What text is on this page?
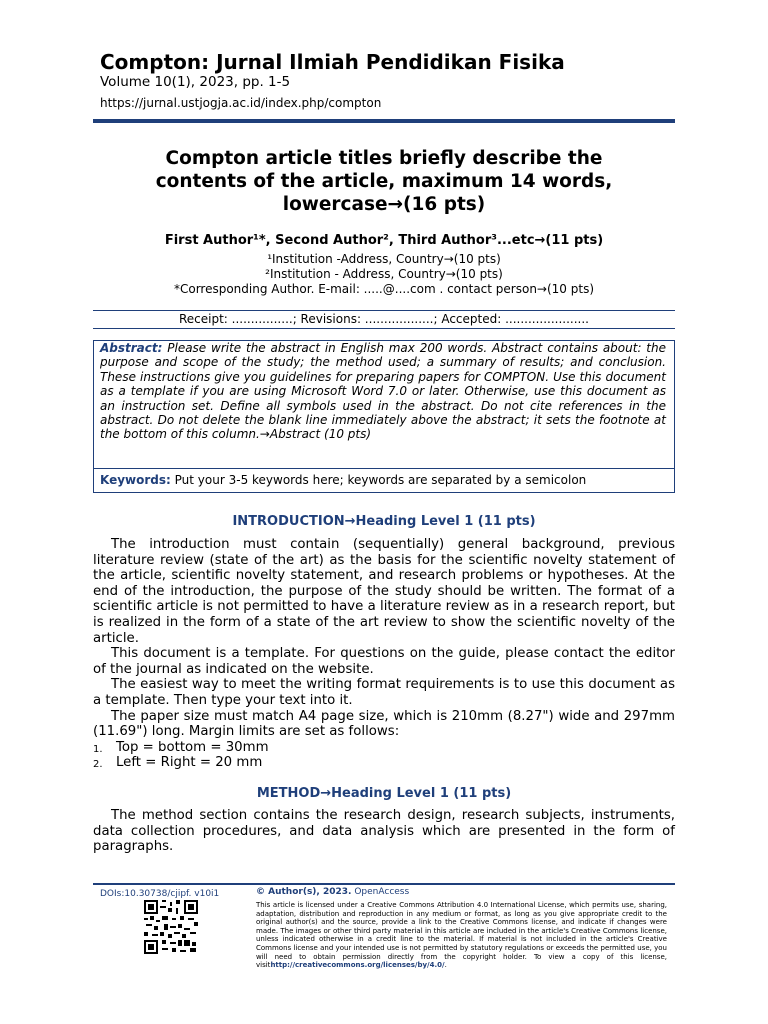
Compton: Jurnal Ilmiah Pendidikan Fisika
Volume 10(1), 2023, pp. 1-5
https://jurnal.ustjogja.ac.id/index.php/compton
Compton article titles briefly describe the
contents of the article, maximum 14 words,
lowercase→(16 pts)
First Author¹*, Second Author², Third Author³...etc→(11 pts)
¹Institution -Address, Country→(10 pts)
²Institution - Address, Country→(10 pts)
*Corresponding Author. E-mail: .....@....com . contact person→(10 pts)
Receipt: ................; Revisions: ..................; Accepted: ......................
Abstract: Please write the abstract in English max 200 words. Abstract contains about: the purpose and scope of the study; the method used; a summary of results; and conclusion. These instructions give you guidelines for preparing papers for COMPTON. Use this document as a template if you are using Microsoft Word 7.0 or later. Otherwise, use this document as an instruction set. Define all symbols used in the abstract. Do not cite references in the abstract. Do not delete the blank line immediately above the abstract; it sets the footnote at the bottom of this column.→Abstract (10 pts)
Keywords: Put your 3-5 keywords here; keywords are separated by a semicolon
INTRODUCTION→Heading Level 1 (11 pts)

The introduction must contain (sequentially) general background, previous literature review (state of the art) as the basis for the scientific novelty statement of the article, scientific novelty statement, and research problems or hypotheses. At the end of the introduction, the purpose of the study should be written. The format of a scientific article is not permitted to have a literature review as in a research report, but is realized in the form of a state of the art review to show the scientific novelty of the article.

This document is a template. For questions on the guide, please contact the editor of the journal as indicated on the website.

The easiest way to meet the writing format requirements is to use this document as a template. Then type your text into it.

The paper size must match A4 page size, which is 210mm (8.27") wide and 297mm (11.69") long. Margin limits are set as follows:

1. Top = bottom = 30mm
2. Left = Right = 20 mm
METHOD→Heading Level 1 (11 pts)

The method section contains the research design, research subjects, instruments, data collection procedures, and data analysis which are presented in the form of paragraphs.

DOIs:10.30738/cjipf. v10i1	© Author(s), 2023. OpenAccess
This article is licensed under a Creative Commons Attribution 4.0 International License, which permits use, sharing, adaptation, distribution and reproduction in any medium or format, as long as you give appropriate credit to the original author(s) and the source, provide a link to the Creative Commons license, and indicate if changes were made. The images or other third party material in this article are included in the article's Creative Commons license, unless indicated otherwise in a credit line to the material. If material is not included in the article's Creative Commons license and your intended use is not permitted by statutory regulations or exceeds the permitted use, you will need to obtain permission directly from the copyright holder. To view a copy of this license, visithttp://creativecommons.org/licenses/by/4.0/.
